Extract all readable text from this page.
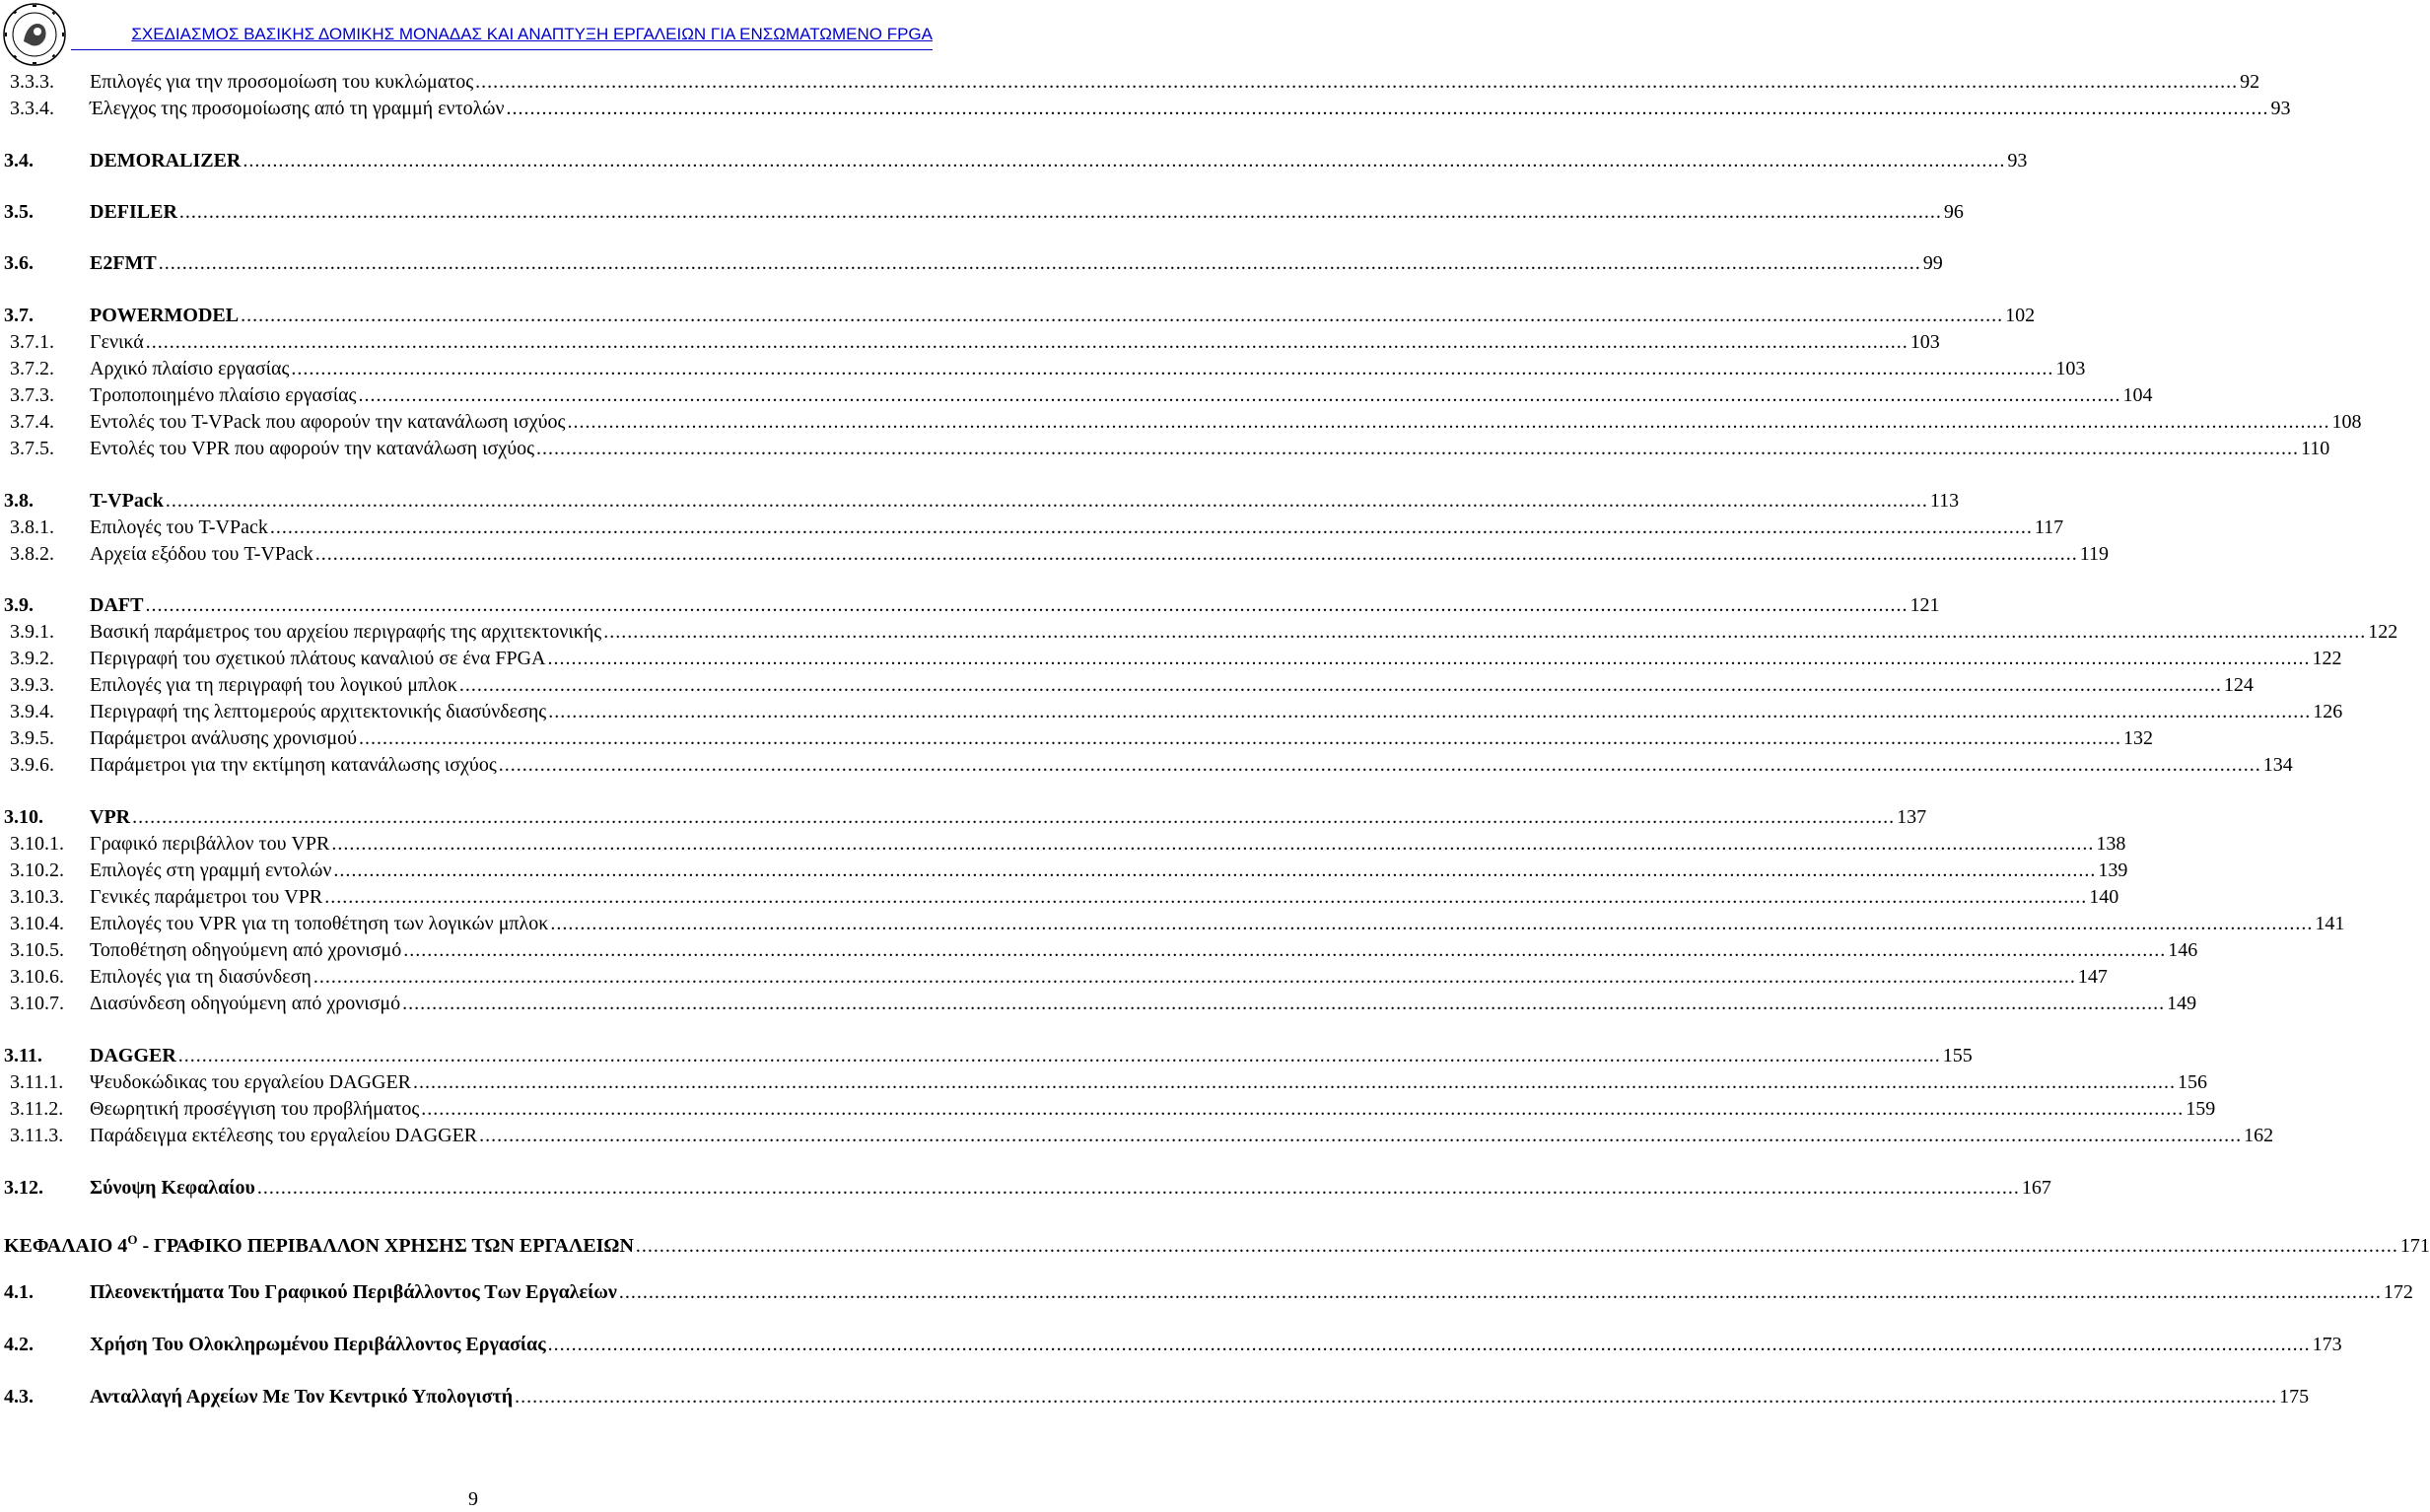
ΣΧΕΔΙΑΣΜΟΣ ΒΑΣΙΚΗΣ ΔΟΜΙΚΗΣ ΜΟΝΑΔΑΣ ΚΑΙ ΑΝΑΠΤΥΞΗ ΕΡΓΑΛΕΙΩΝ ΓΙΑ ΕΝΣΩΜΑΤΩΜΕΝΟ FPGA
3.3.3.	Επιλογές για την προσομοίωση του κυκλώματος .....	92
3.3.4.	Έλεγχος της προσομοίωσης από τη γραμμή εντολών .....	93
3.4.	DEMORALIZER .....	93
3.5.	DEFILER .....	96
3.6.	E2FMT .....	99
3.7.	POWERMODEL .....	102
3.7.1.	Γενικά .....	103
3.7.2.	Αρχικό πλαίσιο εργασίας .....	103
3.7.3.	Τροποποιημένο πλαίσιο εργασίας .....	104
3.7.4.	Εντολές του T-VPack που αφορούν την κατανάλωση ισχύος .....	108
3.7.5.	Εντολές του VPR που αφορούν την κατανάλωση ισχύος .....	110
3.8.	T-VPack .....	113
3.8.1.	Επιλογές του T-VPack .....	117
3.8.2.	Αρχεία εξόδου του T-VPack .....	119
3.9.	DAFT .....	121
3.9.1.	Βασική παράμετρος του αρχείου περιγραφής της αρχιτεκτονικής .....	122
3.9.2.	Περιγραφή του σχετικού πλάτους καναλιού σε ένα FPGA .....	122
3.9.3.	Επιλογές για τη περιγραφή του λογικού μπλοκ .....	124
3.9.4.	Περιγραφή της λεπτομερούς αρχιτεκτονικής διασύνδεσης .....	126
3.9.5.	Παράμετροι ανάλυσης χρονισμού .....	132
3.9.6.	Παράμετροι για την εκτίμηση κατανάλωσης ισχύος .....	134
3.10.	VPR .....	137
3.10.1.	Γραφικό περιβάλλον του VPR .....	138
3.10.2.	Επιλογές στη γραμμή εντολών .....	139
3.10.3.	Γενικές παράμετροι του VPR .....	140
3.10.4.	Επιλογές του VPR για τη τοποθέτηση των λογικών μπλοκ .....	141
3.10.5.	Τοποθέτηση οδηγούμενη από χρονισμό .....	146
3.10.6.	Επιλογές για τη διασύνδεση .....	147
3.10.7.	Διασύνδεση οδηγούμενη από χρονισμό .....	149
3.11.	DAGGER .....	155
3.11.1.	Ψευδοκώδικας του εργαλείου DAGGER .....	156
3.11.2.	Θεωρητική προσέγγιση του προβλήματος .....	159
3.11.3.	Παράδειγμα εκτέλεσης του εργαλείου DAGGER .....	162
3.12.	Σύνοψη Κεφαλαίου .....	167
ΚΕΦΑΛΑΙΟ $4^O$ - ΓΡΑΦΙΚΟ ΠΕΡΙΒΑΛΛΟΝ ΧΡΗΣΗΣ ΤΩΝ ΕΡΓΑΛΕΙΩΝ .....	171
4.1.	Πλεονεκτήματα Του Γραφικού Περιβάλλοντος Των Εργαλείων .....	172
4.2.	Χρήση Του Ολοκληρωμένου Περιβάλλοντος Εργασίας .....	173
4.3.	Ανταλλαγή Αρχείων Με Τον Κεντρικό Υπολογιστή .....	175
9
